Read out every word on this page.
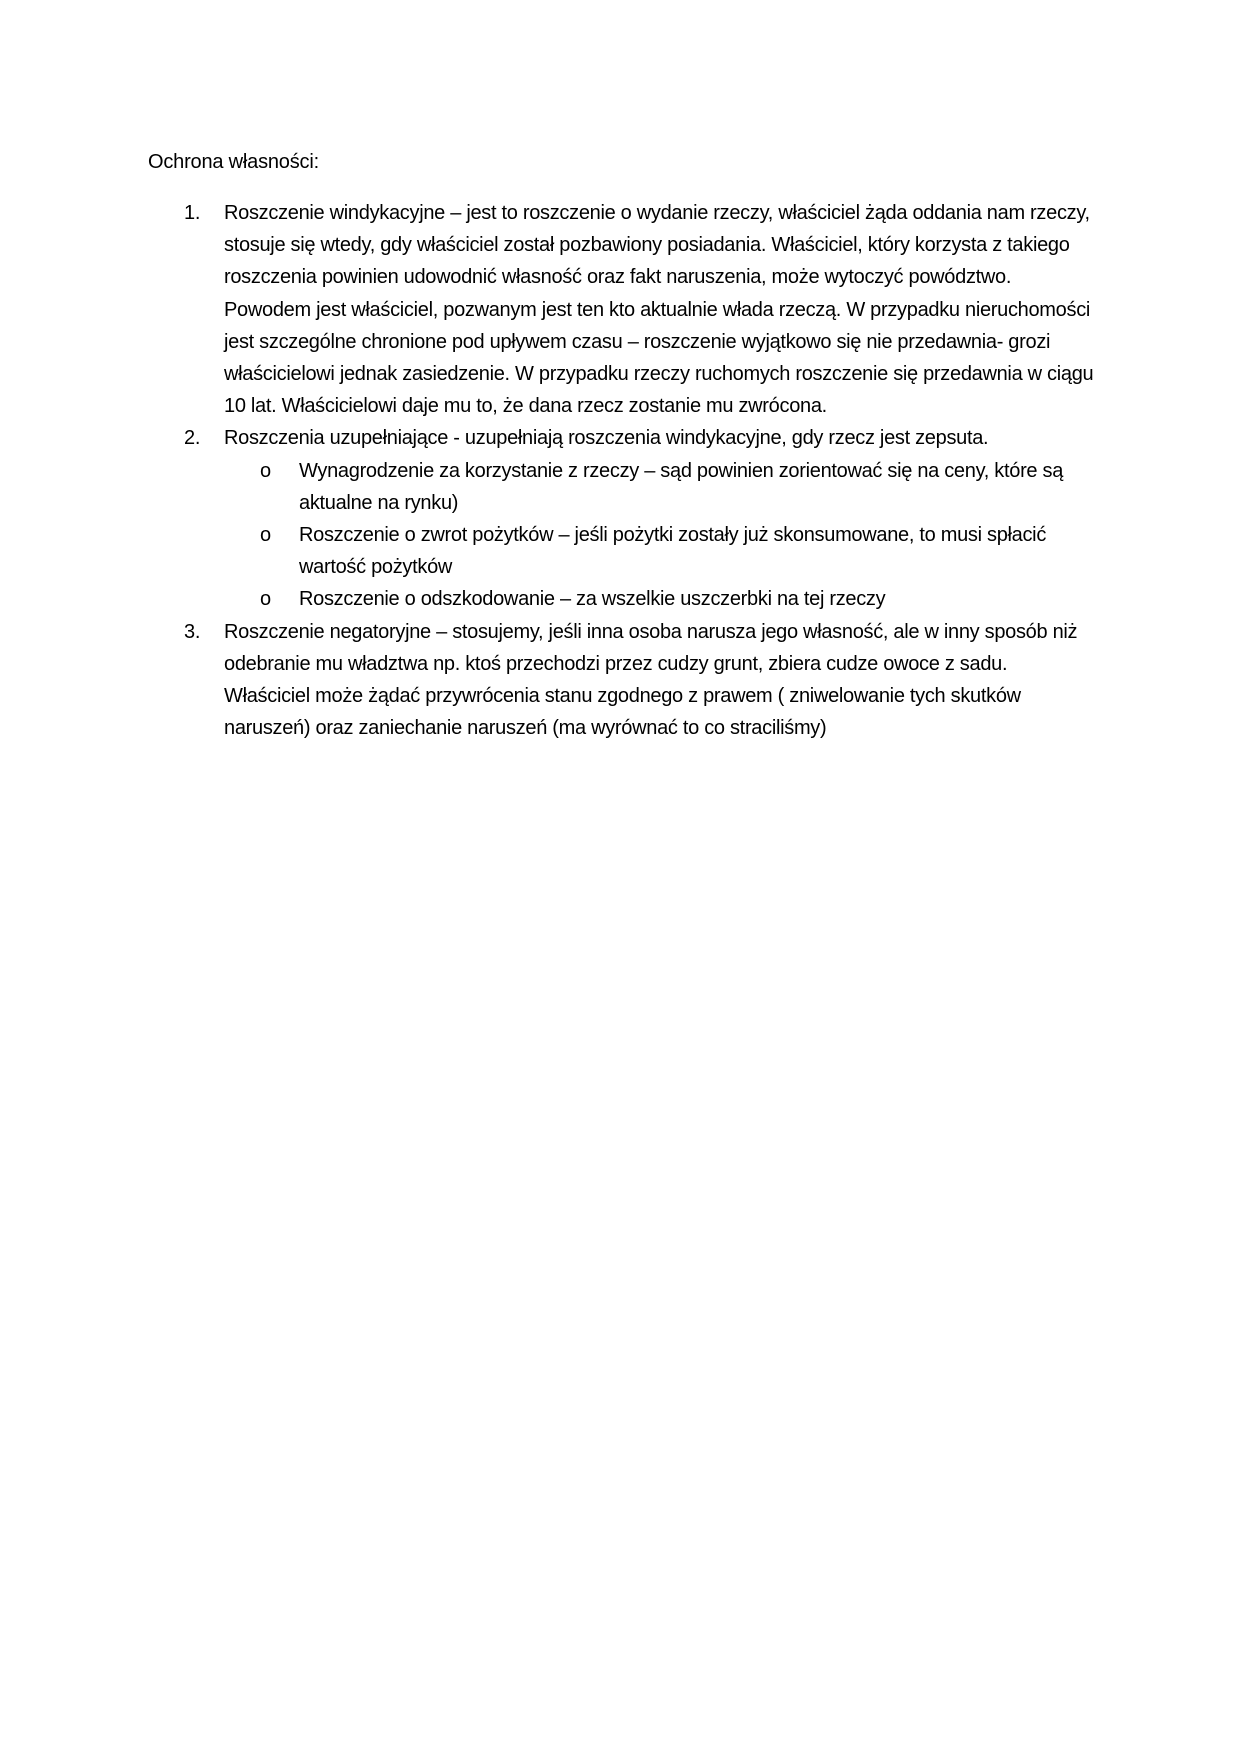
Ochrona własności:
1. Roszczenie windykacyjne – jest to roszczenie o wydanie rzeczy, właściciel żąda oddania nam rzeczy, stosuje się wtedy, gdy właściciel został pozbawiony posiadania. Właściciel, który korzysta z takiego roszczenia powinien udowodnić własność oraz fakt naruszenia, może wytoczyć powództwo. Powodem jest właściciel, pozwanym jest ten kto aktualnie włada rzeczą. W przypadku nieruchomości jest szczególne chronione pod upływem czasu – roszczenie wyjątkowo się nie przedawnia- grozi właścicielowi jednak zasiedzenie. W przypadku rzeczy ruchomych roszczenie się przedawnia w ciągu 10 lat. Właścicielowi daje mu to, że dana rzecz zostanie mu zwrócona.
2. Roszczenia uzupełniające - uzupełniają roszczenia windykacyjne, gdy rzecz jest zepsuta.
o Wynagrodzenie za korzystanie z rzeczy – sąd powinien zorientować się na ceny, które są aktualne na rynku)
o Roszczenie o zwrot pożytków – jeśli pożytki zostały już skonsumowane, to musi spłacić wartość pożytków
o Roszczenie o odszkodowanie – za wszelkie uszczerbki na tej rzeczy
3. Roszczenie negatoryjne – stosujemy, jeśli inna osoba narusza jego własność, ale w inny sposób niż odebranie mu władztwa np. ktoś przechodzi przez cudzy grunt, zbiera cudze owoce z sadu. Właściciel może żądać przywrócenia stanu zgodnego z prawem ( zniwelowanie tych skutków naruszeń) oraz zaniechanie naruszeń (ma wyrównać to co straciliśmy)
